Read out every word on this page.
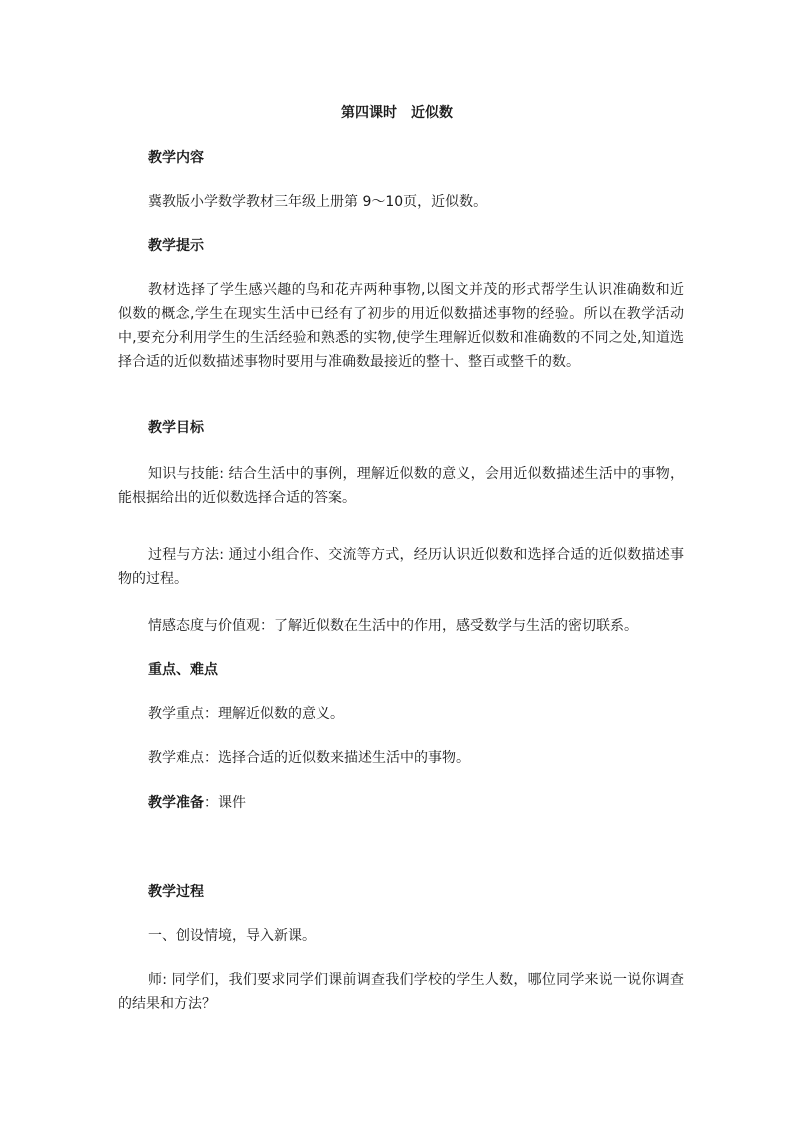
第四课时　近似数
教学内容
冀教版小学数学教材三年级上册第 9～10页，近似数。
教学提示
教材选择了学生感兴趣的鸟和花卉两种事物,以图文并茂的形式帮学生认识准确数和近似数的概念,学生在现实生活中已经有了初步的用近似数描述事物的经验。所以在教学活动中,要充分利用学生的生活经验和熟悉的实物,使学生理解近似数和准确数的不同之处,知道选择合适的近似数描述事物时要用与准确数最接近的整十、整百或整千的数。
教学目标
知识与技能: 结合生活中的事例，理解近似数的意义，会用近似数描述生活中的事物，能根据给出的近似数选择合适的答案。
过程与方法: 通过小组合作、交流等方式，经历认识近似数和选择合适的近似数描述事物的过程。
情感态度与价值观：了解近似数在生活中的作用，感受数学与生活的密切联系。
重点、难点
教学重点：理解近似数的意义。
教学难点：选择合适的近似数来描述生活中的事物。
教学准备：课件
教学过程
一、创设情境，导入新课。
师: 同学们，我们要求同学们课前调查我们学校的学生人数，哪位同学来说一说你调查的结果和方法？
